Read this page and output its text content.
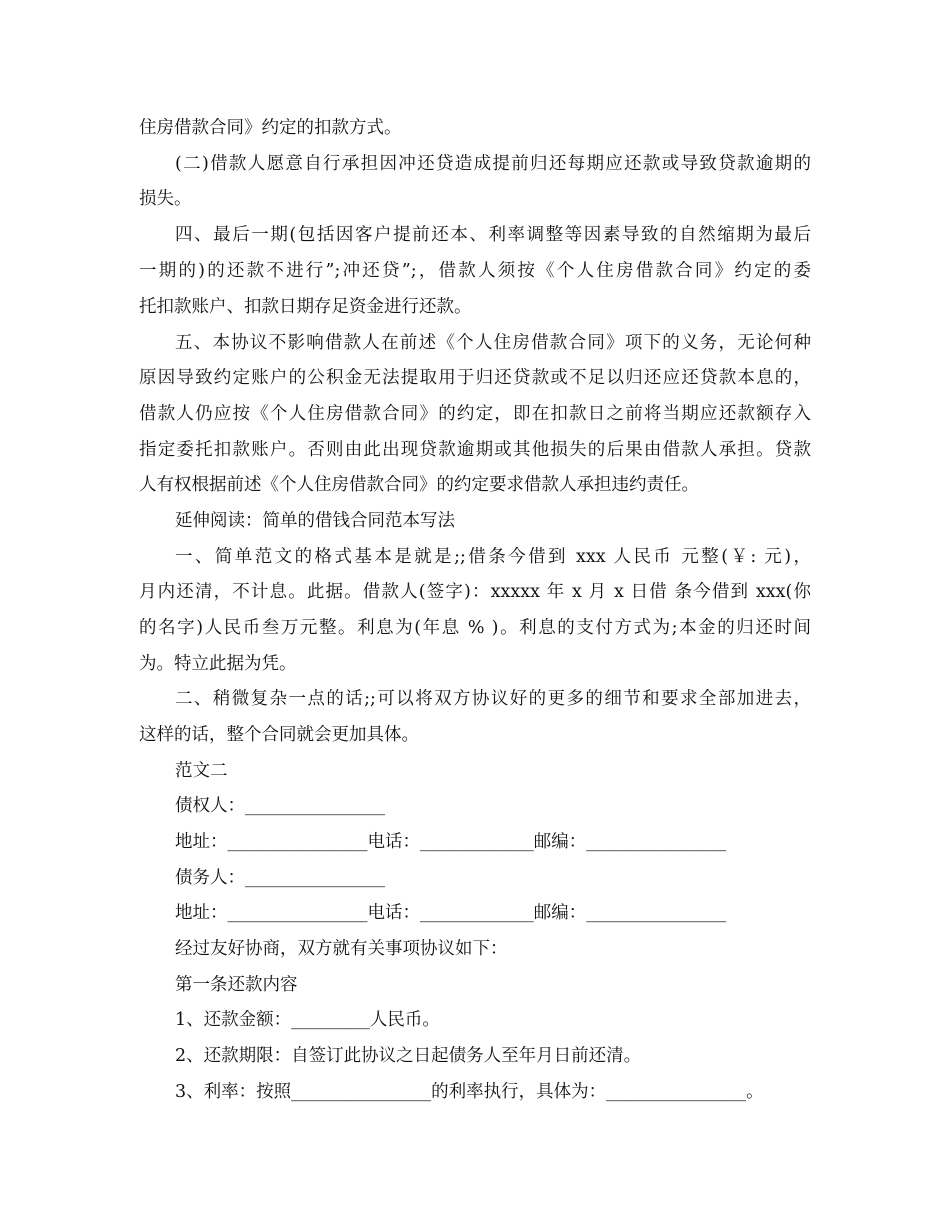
住房借款合同》约定的扣款方式。
(二)借款人愿意自行承担因冲还贷造成提前归还每期应还款或导致贷款逾期的
损失。
四、最后一期(包括因客户提前还本、利率调整等因素导致的自然缩期为最后
一期的)的还款不进行”;冲还贷”;，借款人须按《个人住房借款合同》约定的委
托扣款账户、扣款日期存足资金进行还款。
五、本协议不影响借款人在前述《个人住房借款合同》项下的义务，无论何种
原因导致约定账户的公积金无法提取用于归还贷款或不足以归还应还贷款本息的，
借款人仍应按《个人住房借款合同》的约定，即在扣款日之前将当期应还款额存入
指定委托扣款账户。否则由此出现贷款逾期或其他损失的后果由借款人承担。贷款
人有权根据前述《个人住房借款合同》的约定要求借款人承担违约责任。
延伸阅读：简单的借钱合同范本写法
一、简单范文的格式基本是就是;;借条今借到 xxx 人民币 元整(￥: 元)，
月内还清，不计息。此据。借款人(签字)：xxxxx 年 x 月 x 日借 条今借到 xxx(你
的名字)人民币叁万元整。利息为(年息 % )。利息的支付方式为;本金的归还时间
为。特立此据为凭。
二、稍微复杂一点的话;;可以将双方协议好的更多的细节和要求全部加进去，
这样的话，整个合同就会更加具体。
范文二
债权人：________________
地址：________________电话：_____________邮编：________________
债务人：________________
地址：________________电话：_____________邮编：________________
经过友好协商，双方就有关事项协议如下：
第一条还款内容
1、还款金额：_________人民币。
2、还款期限：自签订此协议之日起债务人至年月日前还清。
3、利率：按照________________的利率执行，具体为：________________。
